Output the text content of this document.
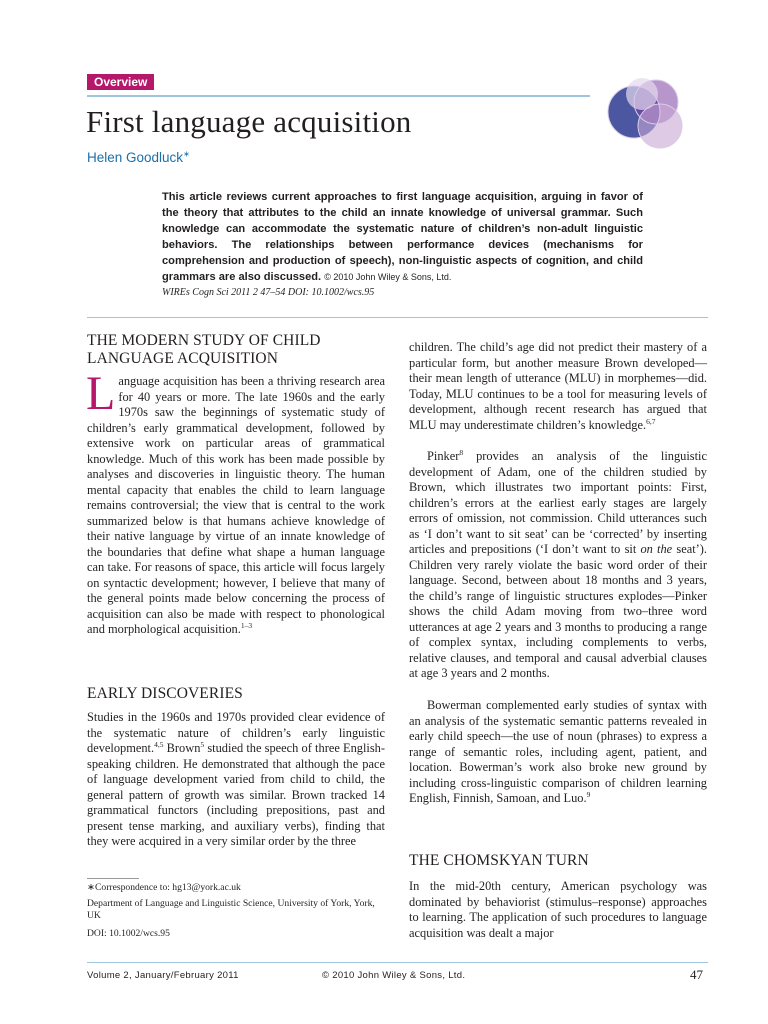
Overview
First language acquisition
Helen Goodluck∗

This article reviews current approaches to first language acquisition, arguing in favor of the theory that attributes to the child an innate knowledge of universal grammar. Such knowledge can accommodate the systematic nature of children’s non-adult linguistic behaviors. The relationships between performance devices (mechanisms for comprehension and production of speech), non-linguistic aspects of cognition, and child grammars are also discussed. © 2010 John Wiley & Sons, Ltd.

WIREs Cogn Sci 2011 2 47–54 DOI: 10.1002/wcs.95
THE MODERN STUDY OF CHILD
LANGUAGE ACQUISITION

Language acquisition has been a thriving research area for 40 years or more. The late 1960s and the early 1970s saw the beginnings of systematic study of children’s early grammatical development, followed by extensive work on particular areas of grammatical knowledge. Much of this work has been made possible by analyses and discoveries in linguistic theory. The human mental capacity that enables the child to learn language remains controversial; the view that is central to the work summarized below is that humans achieve knowledge of their native language by virtue of an innate knowledge of the boundaries that define what shape a human language can take. For reasons of space, this article will focus largely on syntactic development; however, I believe that many of the general points made below concerning the process of acquisition can also be made with respect to phonological and morphological acquisition.$^{1-3}$

EARLY DISCOVERIES

Studies in the 1960s and 1970s provided clear evidence of the systematic nature of children’s early linguistic development.$^{4,5}$ Brown$^5$ studied the speech of three English-speaking children. He demonstrated that although the pace of language development varied from child to child, the general pattern of growth was similar. Brown tracked 14 grammatical functors (including prepositions, past and present tense marking, and auxiliary verbs), finding that they were acquired in a very similar order by the three

children. The child’s age did not predict their mastery of a particular form, but another measure Brown developed—their mean length of utterance (MLU) in morphemes—did. Today, MLU continues to be a tool for measuring levels of development, although recent research has argued that MLU may underestimate children’s knowledge.$^{6,7}$

Pinker$^8$ provides an analysis of the linguistic development of Adam, one of the children studied by Brown, which illustrates two important points: First, children’s errors at the earliest early stages are largely errors of omission, not commission. Child utterances such as ‘I don’t want to sit seat’ can be ‘corrected’ by inserting articles and prepositions (‘I don’t want to sit on the seat’). Children very rarely violate the basic word order of their language. Second, between about 18 months and 3 years, the child’s range of linguistic structures explodes—Pinker shows the child Adam moving from two–three word utterances at age 2 years and 3 months to producing a range of complex syntax, including complements to verbs, relative clauses, and temporal and causal adverbial clauses at age 3 years and 2 months.

Bowerman complemented early studies of syntax with an analysis of the systematic semantic patterns revealed in early child speech—the use of noun (phrases) to express a range of semantic roles, including agent, patient, and location. Bowerman’s work also broke new ground by including cross-linguistic comparison of children learning English, Finnish, Samoan, and Luo.$^9$

THE CHOMSKYAN TURN

In the mid-20th century, American psychology was dominated by behaviorist (stimulus–response) approaches to learning. The application of such procedures to language acquisition was dealt a major

∗Correspondence to: hg13@york.ac.uk

Department of Language and Linguistic Science, University of York, York, UK

DOI: 10.1002/wcs.95

Volume 2, January/February 2011	© 2010 John Wiley & Sons, Ltd.	47
